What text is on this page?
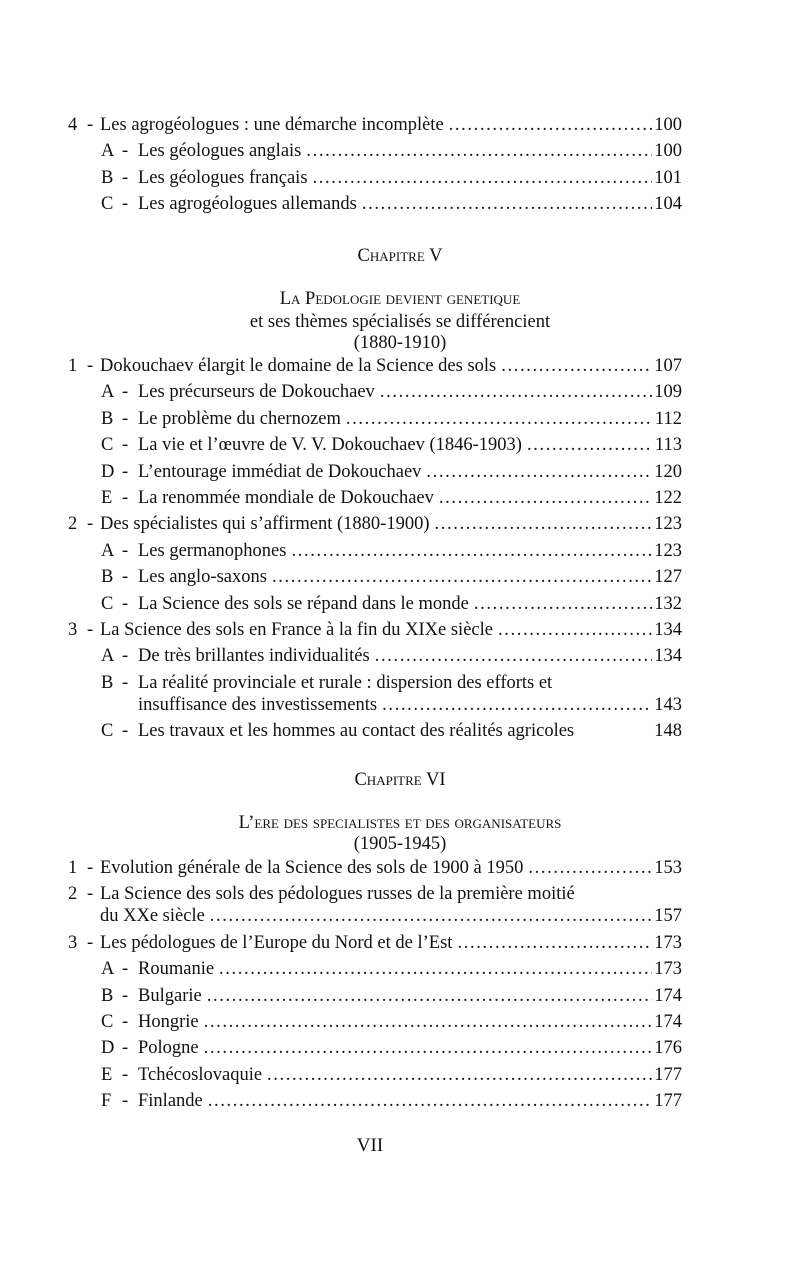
4 - Les agrogéologues : une démarche incomplète . . .	100
A - Les géologues anglais . . .	100
B - Les géologues français . . .	101
C - Les agrogéologues allemands . . .	104
Chapitre V
La Pedologie devient genetique
et ses thèmes spécialisés se différencient
(1880-1910)
1 - Dokouchaev élargit le domaine de la Science des sols . . .	107
A - Les précurseurs de Dokouchaev . . .	109
B - Le problème du chernozem . . .	112
C - La vie et l’œuvre de V. V. Dokouchaev (1846-1903) . . .	113
D - L’entourage immédiat de Dokouchaev . . .	120
E - La renommée mondiale de Dokouchaev . . .	122
2 - Des spécialistes qui s’affirment (1880-1900) . . .	123
A - Les germanophones . . .	123
B - Les anglo-saxons . . .	127
C - La Science des sols se répand dans le monde . . .	132
3 - La Science des sols en France à la fin du XIXe siècle . . .	134
A - De très brillantes individualités . . .	134
B - La réalité provinciale et rurale : dispersion des efforts et
insuffisance des investissements . . .	143
C - Les travaux et les hommes au contact des réalités agricoles	148
Chapitre VI
L’ere des specialistes et des organisateurs
(1905-1945)
1 - Evolution générale de la Science des sols de 1900 à 1950 . . .	153
2 - La Science des sols des pédologues russes de la première moitié
du XXe siècle . . .	157
3 - Les pédologues de l’Europe du Nord et de l’Est . . .	173
A - Roumanie . . .	173
B - Bulgarie . . .	174
C - Hongrie . . .	174
D - Pologne . . .	176
E - Tchécoslovaquie . . .	177
F - Finlande . . .	177
VII
